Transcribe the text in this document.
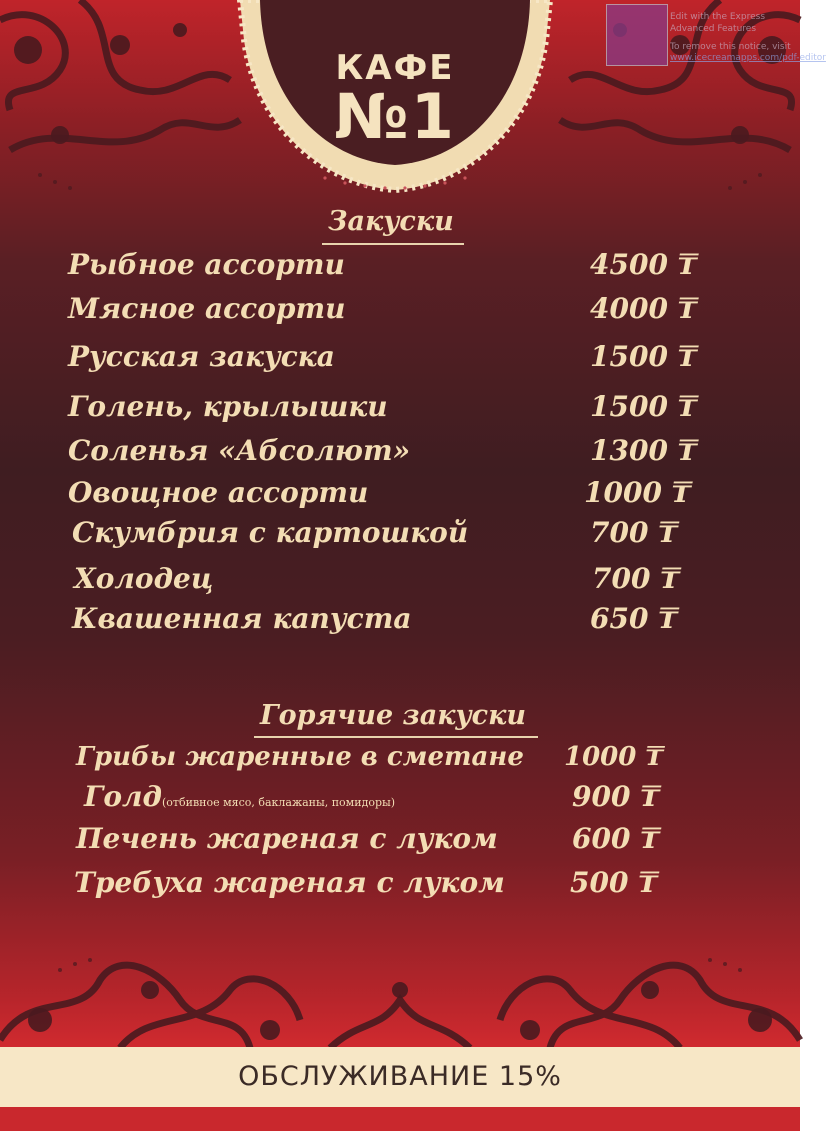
КАФЕ
№1
Edit with the Express
Advanced Features
To remove this notice, visit
www.icecreamapps.com/pdf-editor
Закуски
Рыбное ассорти	4500 ₸
Мясное ассорти	4000 ₸
Русская закуска	1500 ₸
Голень, крылышки	1500 ₸
Соленья «Абсолют»	1300 ₸
Овощное ассорти	1000 ₸
Скумбрия с картошкой	700 ₸
Холодец	700 ₸
Квашенная капуста	650 ₸
Горячие закуски
Грибы жаренные в сметане 1000 ₸
Голд(отбивное мясо, баклажаны, помидоры)	900 ₸
Печень жареная с луком	600 ₸
Требуха жареная с луком 500 ₸
ОБСЛУЖИВАНИЕ 15%
